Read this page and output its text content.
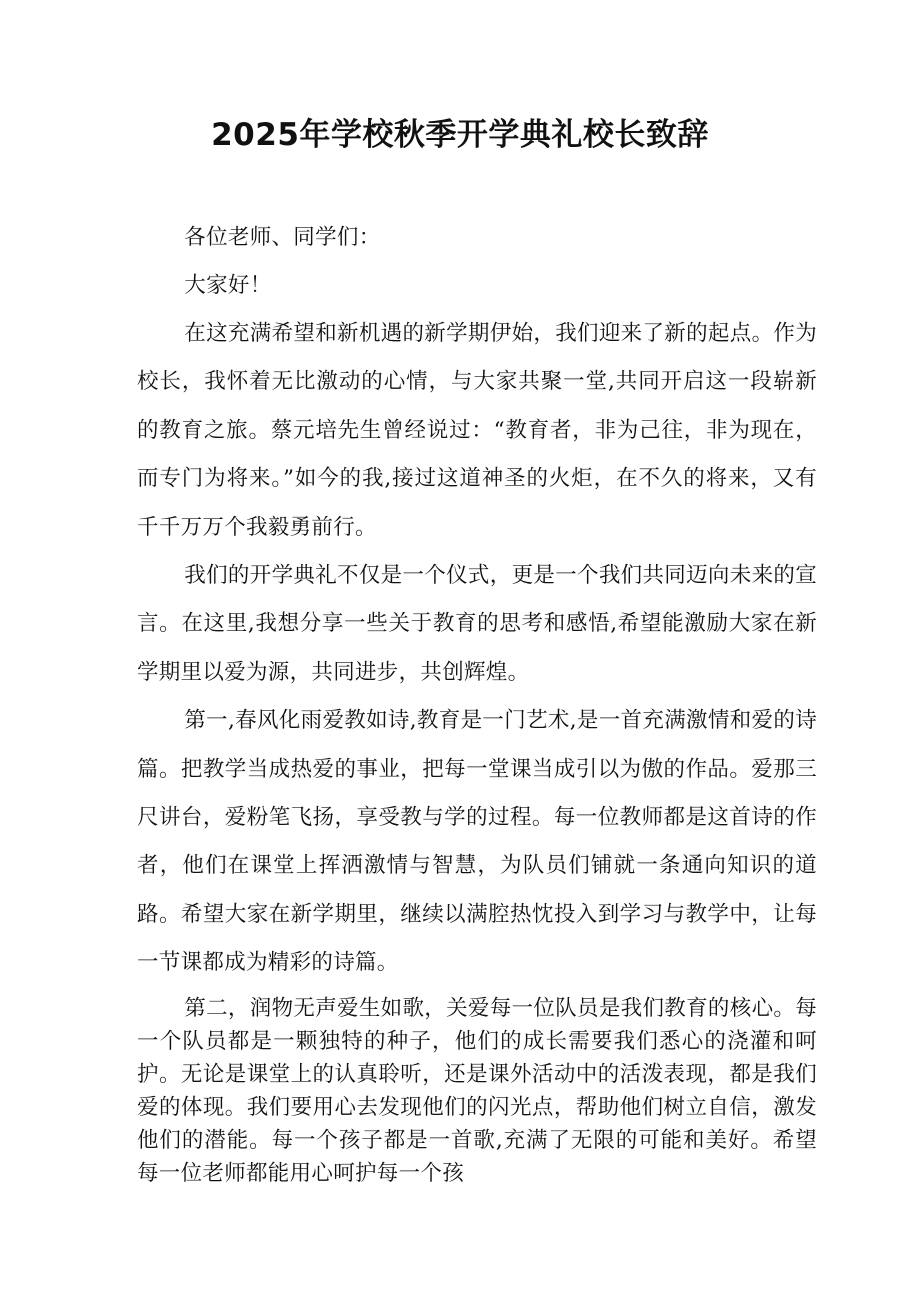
2025年学校秋季开学典礼校长致辞

各位老师、同学们：

大家好！

在这充满希望和新机遇的新学期伊始，我们迎来了新的起点。作为校长，我怀着无比激动的心情，与大家共聚一堂,共同开启这一段崭新的教育之旅。蔡元培先生曾经说过：“教育者，非为己往，非为现在，而专门为将来。”如今的我,接过这道神圣的火炬，在不久的将来，又有千千万万个我毅勇前行。

我们的开学典礼不仅是一个仪式，更是一个我们共同迈向未来的宣言。在这里,我想分享一些关于教育的思考和感悟,希望能激励大家在新学期里以爱为源，共同进步，共创辉煌。

第一,春风化雨爱教如诗,教育是一门艺术,是一首充满激情和爱的诗篇。把教学当成热爱的事业，把每一堂课当成引以为傲的作品。爱那三尺讲台，爱粉笔飞扬，享受教与学的过程。每一位教师都是这首诗的作者，他们在课堂上挥洒激情与智慧，为队员们铺就一条通向知识的道路。希望大家在新学期里，继续以满腔热忱投入到学习与教学中，让每一节课都成为精彩的诗篇。

第二，润物无声爱生如歌，关爱每一位队员是我们教育的核心。每一个队员都是一颗独特的种子，他们的成长需要我们悉心的浇灌和呵护。无论是课堂上的认真聆听，还是课外活动中的活泼表现，都是我们爱的体现。我们要用心去发现他们的闪光点，帮助他们树立自信，激发他们的潜能。每一个孩子都是一首歌,充满了无限的可能和美好。希望每一位老师都能用心呵护每一个孩
